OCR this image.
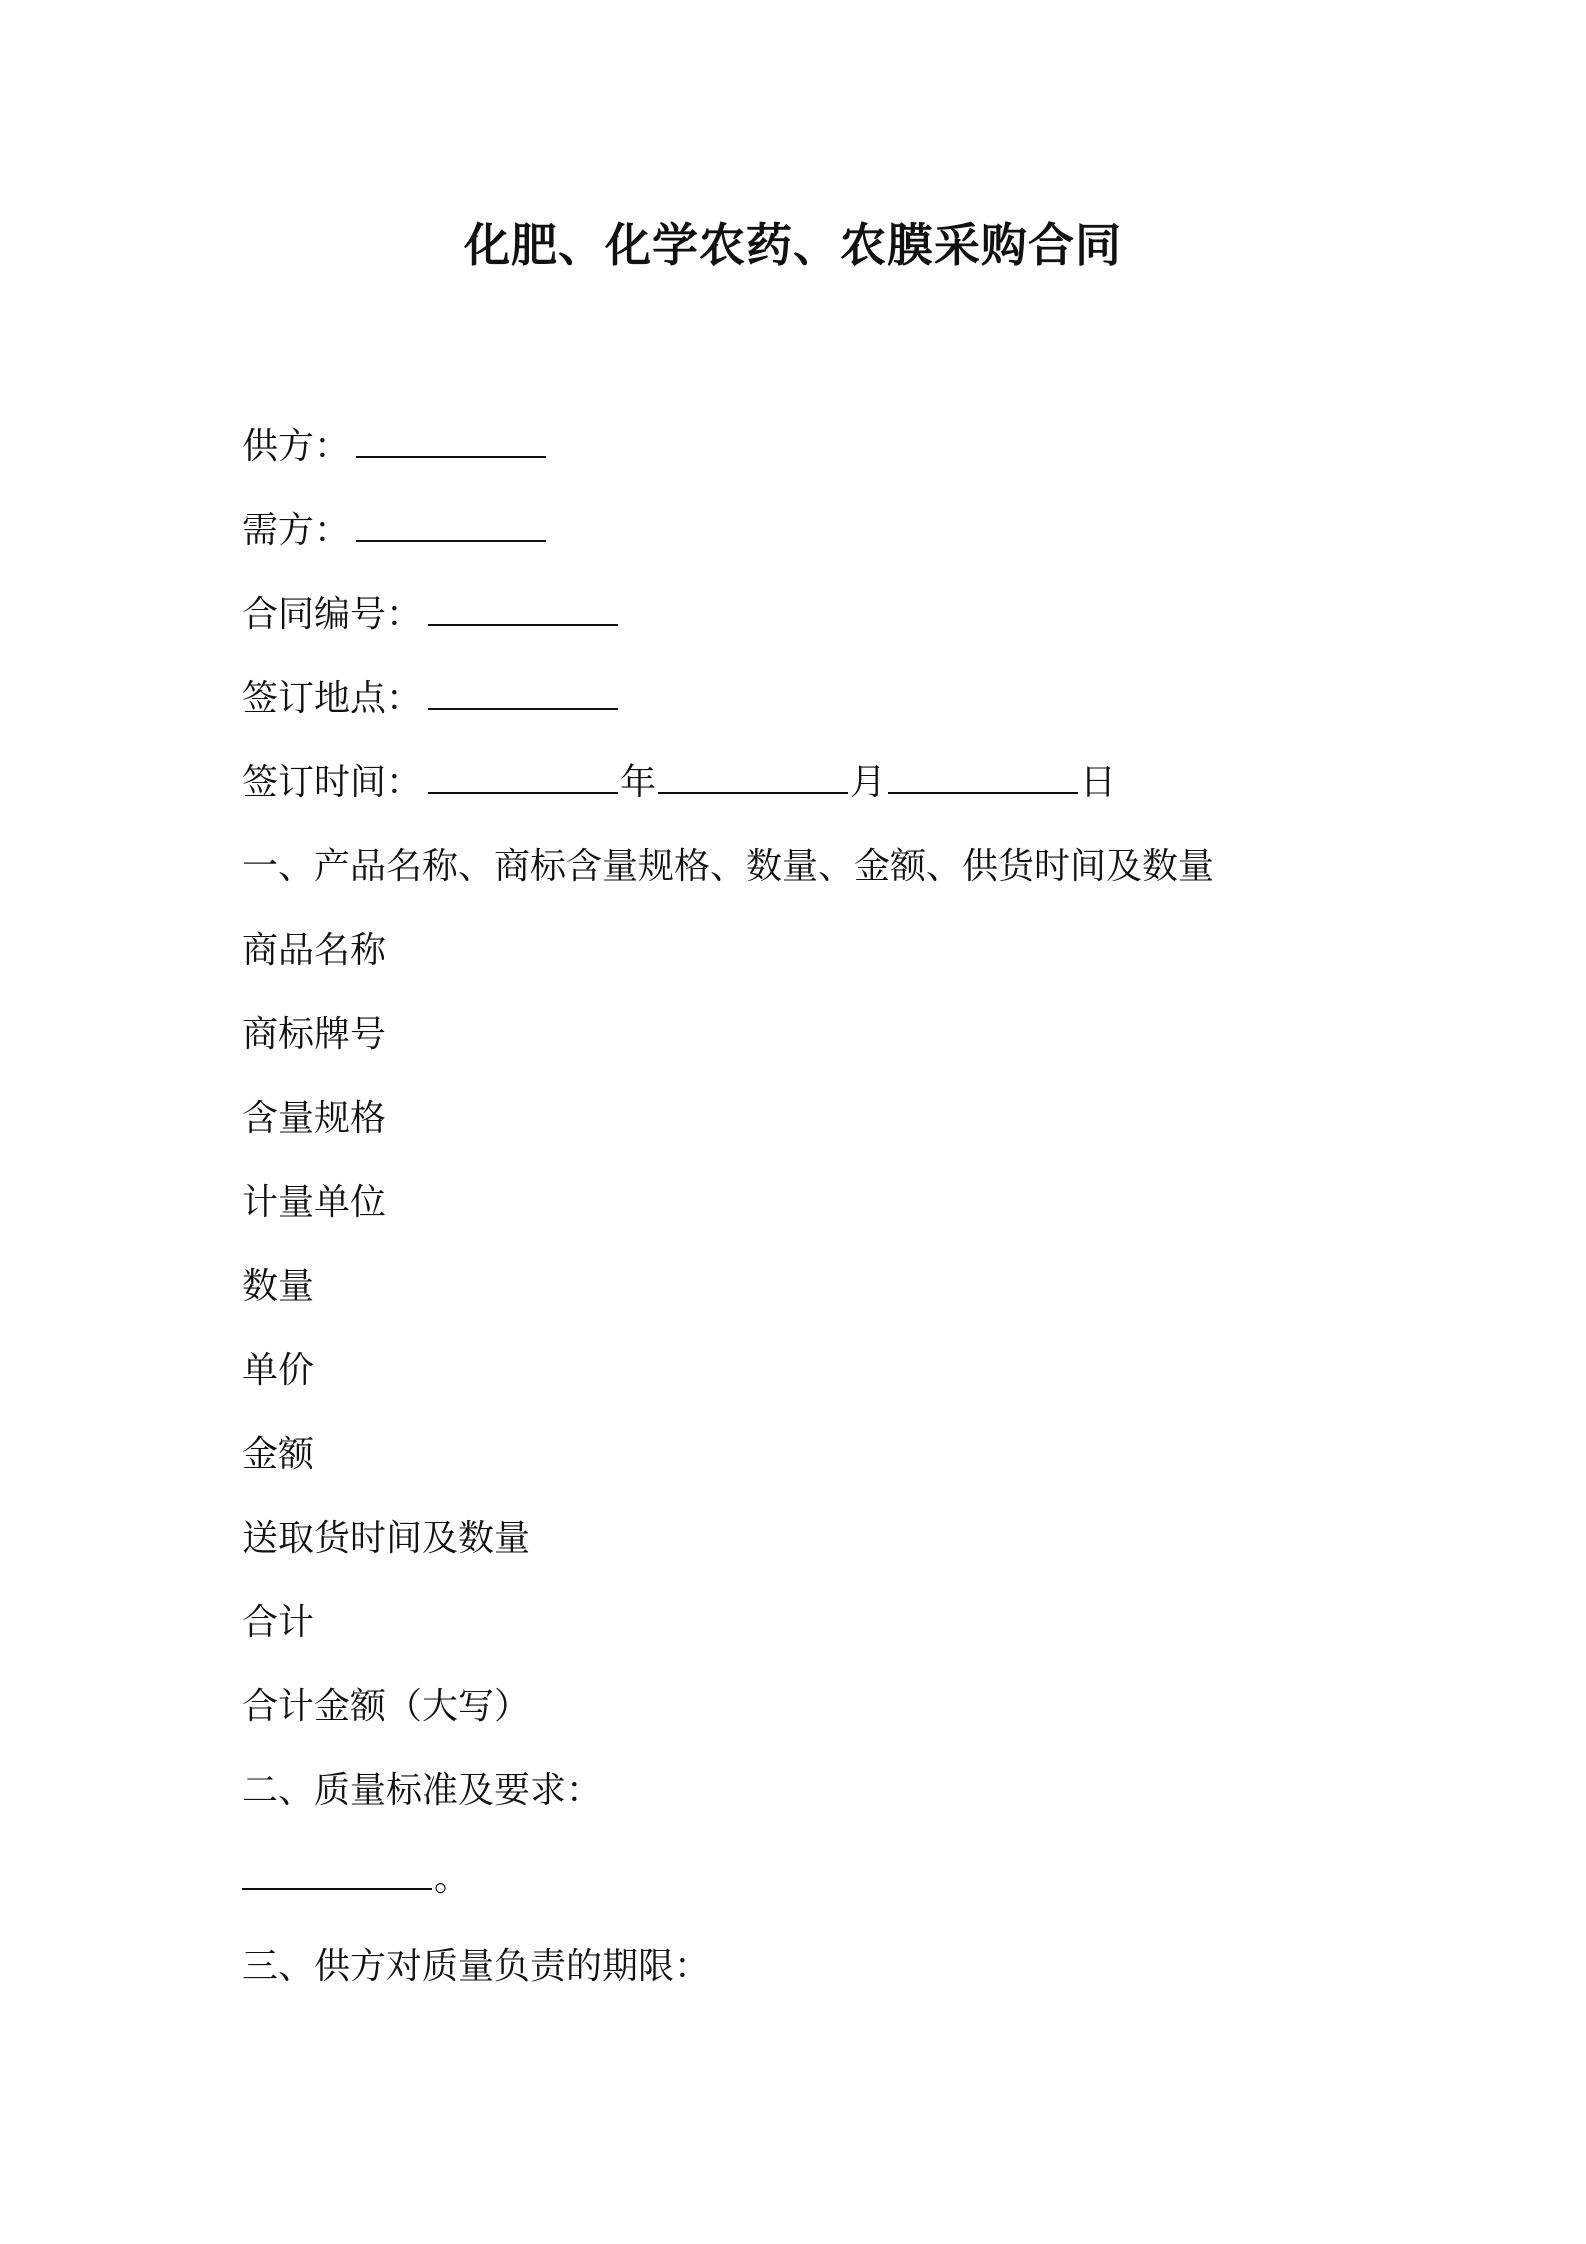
化肥、化学农药、农膜采购合同
供方：
需方：
合同编号：
签订地点：
签订时间：	年	月	日
一、产品名称、商标含量规格、数量、金额、供货时间及数量
商品名称
商标牌号
含量规格
计量单位
数量
单价
金额
送取货时间及数量
合计
合计金额（大写）
二、质量标准及要求：
。
三、供方对质量负责的期限：
